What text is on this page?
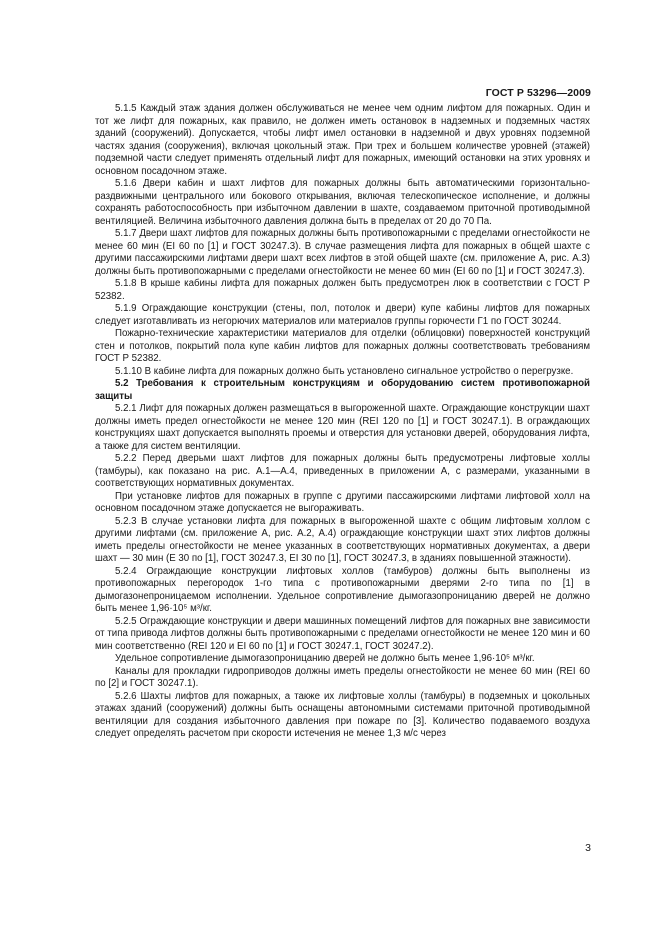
ГОСТ Р 53296—2009

5.1.5 Каждый этаж здания должен обслуживаться не менее чем одним лифтом для пожарных. Один и тот же лифт для пожарных, как правило, не должен иметь остановок в надземных и подземных частях зданий (сооружений). Допускается, чтобы лифт имел остановки в надземной и двух уровнях подземной частях здания (сооружения), включая цокольный этаж. При трех и большем количестве уровней (этажей) подземной части следует применять отдельный лифт для пожарных, имеющий остановки на этих уровнях и основном посадочном этаже.

5.1.6 Двери кабин и шахт лифтов для пожарных должны быть автоматическими горизонтально-раздвижными центрального или бокового открывания, включая телескопическое исполнение, и должны сохранять работоспособность при избыточном давлении в шахте, создаваемом приточной противодымной вентиляцией. Величина избыточного давления должна быть в пределах от 20 до 70 Па.

5.1.7 Двери шахт лифтов для пожарных должны быть противопожарными с пределами огнестойкости не менее 60 мин (EI 60 по [1] и ГОСТ 30247.3). В случае размещения лифта для пожарных в общей шахте с другими пассажирскими лифтами двери шахт всех лифтов в этой общей шахте (см. приложение А, рис. А.3) должны быть противопожарными с пределами огнестойкости не менее 60 мин (EI 60 по [1] и ГОСТ 30247.3).

5.1.8 В крыше кабины лифта для пожарных должен быть предусмотрен люк в соответствии с ГОСТ Р 52382.

5.1.9 Ограждающие конструкции (стены, пол, потолок и двери) купе кабины лифтов для пожарных следует изготавливать из негорючих материалов или материалов группы горючести Г1 по ГОСТ 30244.

Пожарно-технические характеристики материалов для отделки (облицовки) поверхностей конструкций стен и потолков, покрытий пола купе кабин лифтов для пожарных должны соответствовать требованиям ГОСТ Р 52382.

5.1.10 В кабине лифта для пожарных должно быть установлено сигнальное устройство о перегрузке.

5.2 Требования к строительным конструкциям и оборудованию систем противопожарной защиты

5.2.1 Лифт для пожарных должен размещаться в выгороженной шахте. Ограждающие конструкции шахт должны иметь предел огнестойкости не менее 120 мин (REI 120 по [1] и ГОСТ 30247.1). В ограждающих конструкциях шахт допускается выполнять проемы и отверстия для установки дверей, оборудования лифта, а также для систем вентиляции.

5.2.2 Перед дверьми шахт лифтов для пожарных должны быть предусмотрены лифтовые холлы (тамбуры), как показано на рис. А.1—А.4, приведенных в приложении А, с размерами, указанными в соответствующих нормативных документах.

При установке лифтов для пожарных в группе с другими пассажирскими лифтами лифтовой холл на основном посадочном этаже допускается не выгораживать.

5.2.3 В случае установки лифта для пожарных в выгороженной шахте с общим лифтовым холлом с другими лифтами (см. приложение А, рис. А.2, А.4) ограждающие конструкции шахт этих лифтов должны иметь пределы огнестойкости не менее указанных в соответствующих нормативных документах, а двери шахт — 30 мин (Е 30 по [1], ГОСТ 30247.3, EI 30 по [1], ГОСТ 30247.3, в зданиях повышенной этажности).

5.2.4 Ограждающие конструкции лифтовых холлов (тамбуров) должны быть выполнены из противопожарных перегородок 1-го типа с противопожарными дверями 2-го типа по [1] в дымогазонепроницаемом исполнении. Удельное сопротивление дымогазопроницанию дверей не должно быть менее 1,96·10⁵ м³/кг.

5.2.5 Ограждающие конструкции и двери машинных помещений лифтов для пожарных вне зависимости от типа привода лифтов должны быть противопожарными с пределами огнестойкости не менее 120 мин и 60 мин соответственно (REI 120 и EI 60 по [1] и ГОСТ 30247.1, ГОСТ 30247.2).

Удельное сопротивление дымогазопроницанию дверей не должно быть менее 1,96·10⁵ м³/кг.

Каналы для прокладки гидроприводов должны иметь пределы огнестойкости не менее 60 мин (REI 60 по [2] и ГОСТ 30247.1).

5.2.6 Шахты лифтов для пожарных, а также их лифтовые холлы (тамбуры) в подземных и цокольных этажах зданий (сооружений) должны быть оснащены автономными системами приточной противодымной вентиляции для создания избыточного давления при пожаре по [3]. Количество подаваемого воздуха следует определять расчетом при скорости истечения не менее 1,3 м/с через

3
